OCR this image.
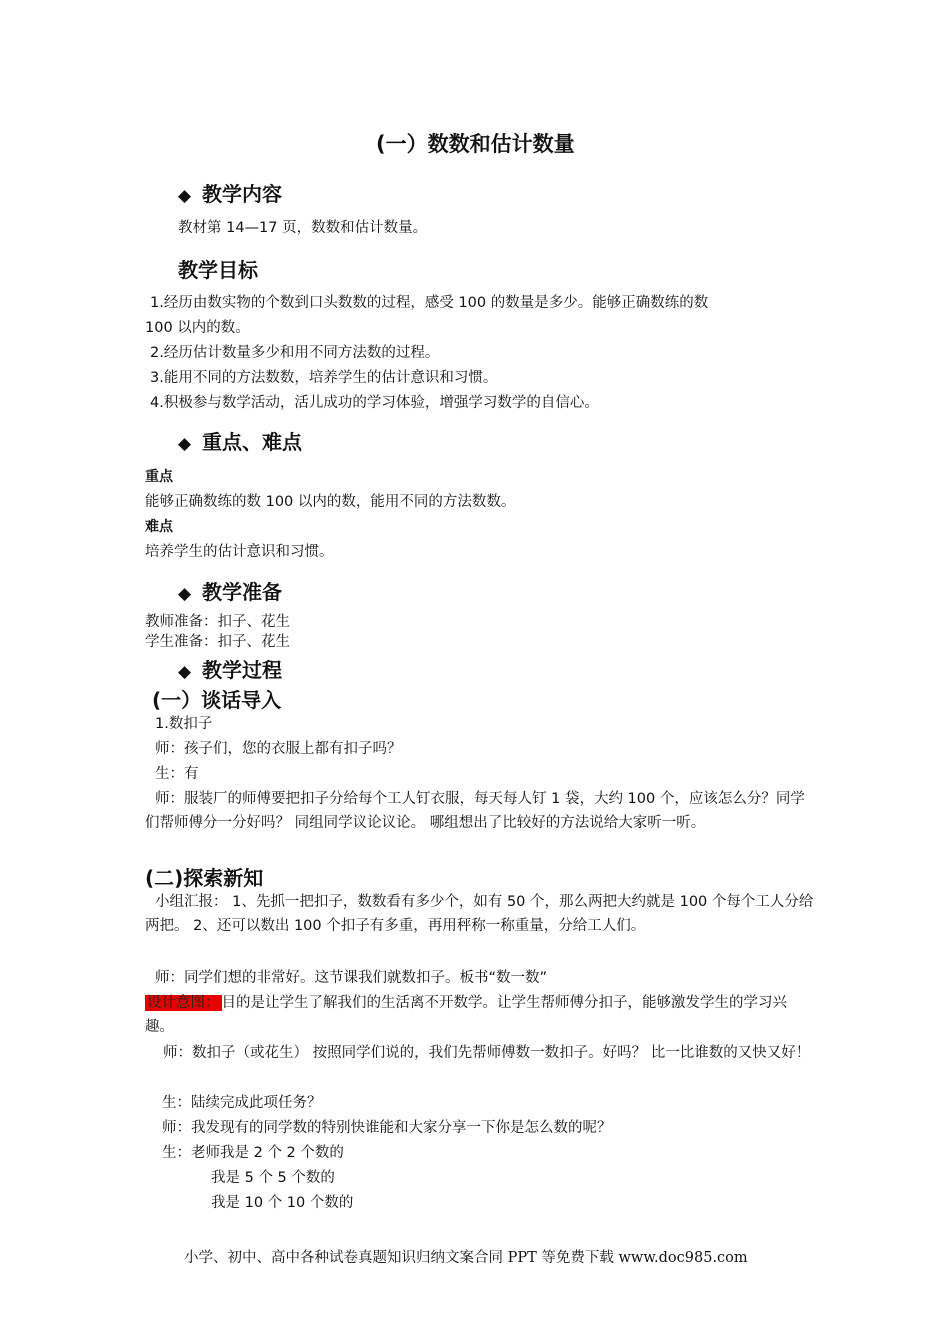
(一）数数和估计数量
◆ 教学内容
教材第 14—17 页，数数和估计数量。
教学目标
1.经历由数实物的个数到口头数数的过程，感受 100 的数量是多少。能够正确数练的数
100 以内的数。
2.经历估计数量多少和用不同方法数的过程。
3.能用不同的方法数数，培养学生的估计意识和习惯。
4.积极参与数学活动，活儿成功的学习体验，增强学习数学的自信心。
◆ 重点、难点
重点
能够正确数练的数 100 以内的数，能用不同的方法数数。
难点
培养学生的估计意识和习惯。
◆ 教学准备
教师准备：扣子、花生
学生准备：扣子、花生
◆ 教学过程
(一）谈话导入
1.数扣子
师：孩子们，您的衣服上都有扣子吗？
生：有
师：服装厂的师傅要把扣子分给每个工人钉衣服，每天每人钉 1 袋，大约 100 个，应该怎么分？同学们帮师傅分一分好吗？ 同组同学议论议论。 哪组想出了比较好的方法说给大家听一听。
(二)探索新知
小组汇报： 1、先抓一把扣子，数数看有多少个，如有 50 个，那么两把大约就是 100 个每个工人分给两把。 2、还可以数出 100 个扣子有多重，再用秤称一称重量，分给工人们。
师：同学们想的非常好。这节课我们就数扣子。板书“数一数”
设计意图： 目的是让学生了解我们的生活离不开数学。让学生帮师傅分扣子，能够激发学生的学习兴趣。
师：数扣子（或花生） 按照同学们说的，我们先帮师傅数一数扣子。好吗？ 比一比谁数的又快又好！
生：陆续完成此项任务？
师：我发现有的同学数的特别快谁能和大家分享一下你是怎么数的呢？
生：老师我是 2 个 2 个数的
我是 5 个 5 个数的
我是 10 个 10 个数的
小学、初中、高中各种试卷真题知识归纳文案合同 PPT 等免费下载 www.doc985.com
